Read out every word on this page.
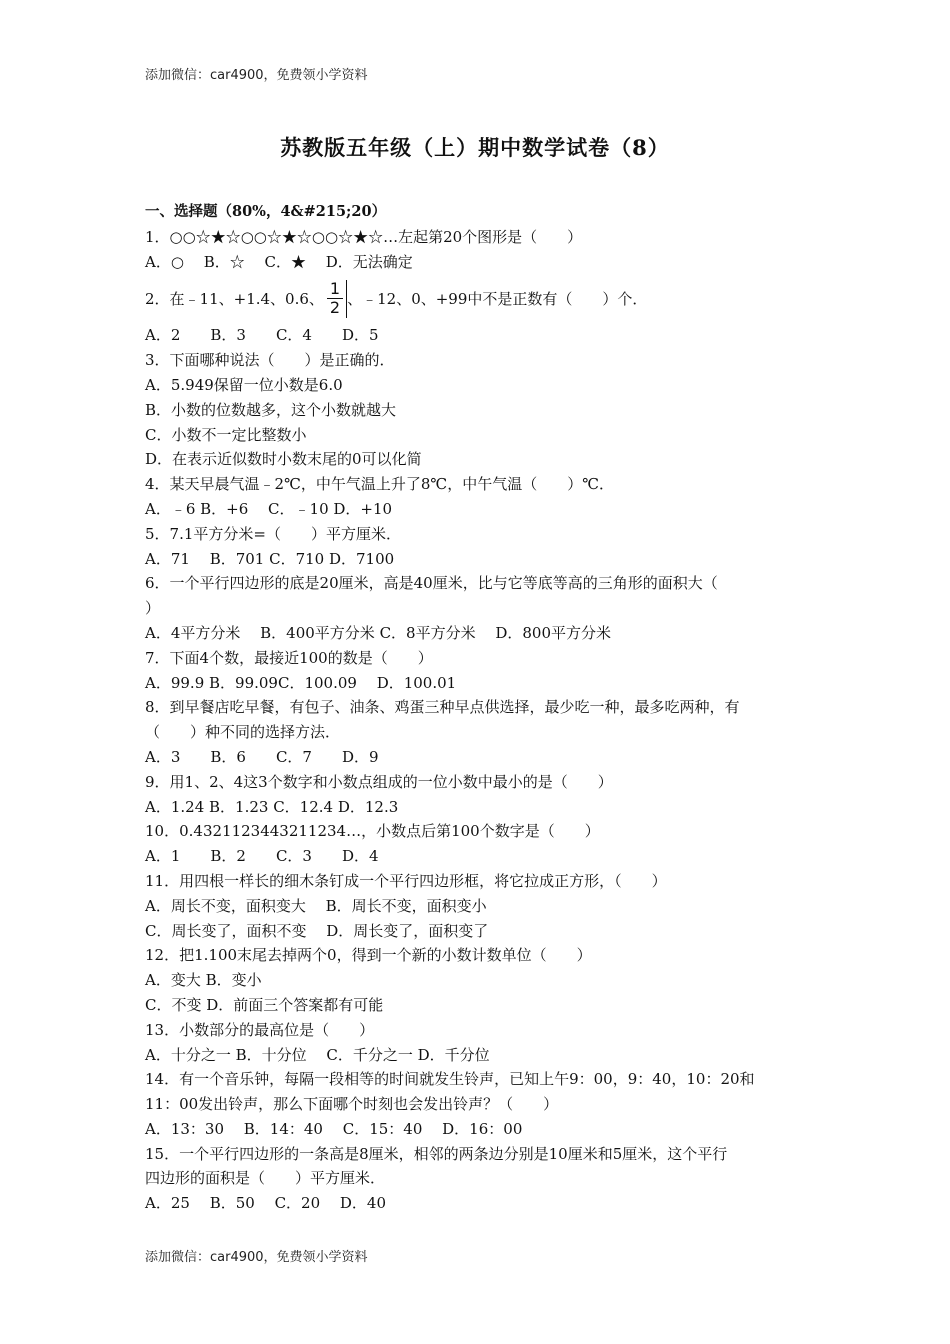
添加微信：car4900，免费领小学资料
苏教版五年级（上）期中数学试卷（8）
一、选择题（80%，4&#215;20）
1．○○☆★☆○○☆★☆○○☆★☆…左起第20个图形是（　　）
A．○　 B．☆　 C．★　 D．无法确定
2．在﹣11、+1.4、0.6、 $\frac{1}{2}$ 、﹣12、0、+99中不是正数有（　　）个．
A．2　　B．3　　C．4　　D．5
3．下面哪种说法（　　）是正确的．
A．5.949保留一位小数是6.0
B．小数的位数越多，这个小数就越大
C．小数不一定比整数小
D．在表示近似数时小数末尾的0可以化简
4．某天早晨气温﹣2℃，中午气温上升了8℃，中午气温（　　）℃．
A．﹣6 B．+6　 C．﹣10 D．+10
5．7.1平方分米=（　　）平方厘米．
A．71　 B．701 C．710 D．7100
6．一个平行四边形的底是20厘米，高是40厘米，比与它等底等高的三角形的面积大（
）
A．4平方分米　 B．400平方分米 C．8平方分米　 D．800平方分米
7．下面4个数，最接近100的数是（　　）
A．99.9 B．99.09C．100.09　 D．100.01
8．到早餐店吃早餐，有包子、油条、鸡蛋三种早点供选择，最少吃一种，最多吃两种，有
（　　）种不同的选择方法．
A．3　　B．6　　C．7　　D．9
9．用1、2、4这3个数字和小数点组成的一位小数中最小的是（　　）
A．1.24 B．1.23 C．12.4 D．12.3
10．0.4321123443211234…，小数点后第100个数字是（　　）
A．1　　B．2　　C．3　　D．4
11．用四根一样长的细木条钉成一个平行四边形框，将它拉成正方形，（　　）
A．周长不变，面积变大　 B．周长不变，面积变小
C．周长变了，面积不变　 D．周长变了，面积变了
12．把1.100末尾去掉两个0，得到一个新的小数计数单位（　　）
A．变大 B．变小
C．不变 D．前面三个答案都有可能
13．小数部分的最高位是（　　）
A．十分之一 B．十分位　 C．千分之一 D．千分位
14．有一个音乐钟，每隔一段相等的时间就发生铃声，已知上午9：00，9：40，10：20和
11：00发出铃声，那么下面哪个时刻也会发出铃声？（　　）
A．13：30　 B．14：40　 C．15：40　 D．16：00
15．一个平行四边形的一条高是8厘米，相邻的两条边分别是10厘米和5厘米，这个平行
四边形的面积是（　　）平方厘米．
A．25　 B．50　 C．20　 D．40
添加微信：car4900，免费领小学资料
